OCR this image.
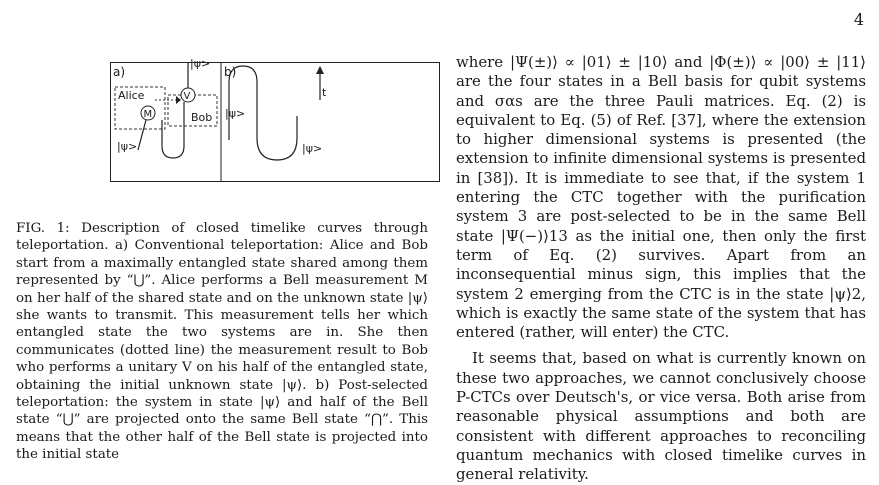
4
a)
Alice
Bob
M
V
|ψ>
|ψ>
b)
|ψ>
|ψ>
t
FIG. 1: Description of closed timelike curves through teleportation. a) Conventional teleportation: Alice and Bob start from a maximally entangled state shared among them represented by “⋃”. Alice performs a Bell measurement M on her half of the shared state and on the unknown state |ψ⟩ she wants to transmit. This measurement tells her which entangled state the two systems are in. She then communicates (dotted line) the measurement result to Bob who performs a unitary V on his half of the entangled state, obtaining the initial unknown state |ψ⟩. b) Post-selected teleportation: the system in state |ψ⟩ and half of the Bell state “⋃” are projected onto the same Bell state “⋂”. This means that the other half of the Bell state is projected into the initial state

where |Ψ(±)⟩ ∝ |01⟩ ± |10⟩ and |Φ(±)⟩ ∝ |00⟩ ± |11⟩ are the four states in a Bell basis for qubit systems and σαs are the three Pauli matrices. Eq. (2) is equivalent to Eq. (5) of Ref. [37], where the extension to higher dimensional systems is presented (the extension to infinite dimensional systems is presented in [38]). It is immediate to see that, if the system 1 entering the CTC together with the purification system 3 are post-selected to be in the same Bell state |Ψ(−)⟩13 as the initial one, then only the first term of Eq. (2) survives. Apart from an inconsequential minus sign, this implies that the system 2 emerging from the CTC is in the state |ψ⟩2, which is exactly the same state of the system that has entered (rather, will enter) the CTC.

It seems that, based on what is currently known on these two approaches, we cannot conclusively choose P-CTCs over Deutsch's, or vice versa. Both arise from reasonable physical assumptions and both are consistent with different approaches to reconciling quantum mechanics with closed timelike curves in general relativity.
